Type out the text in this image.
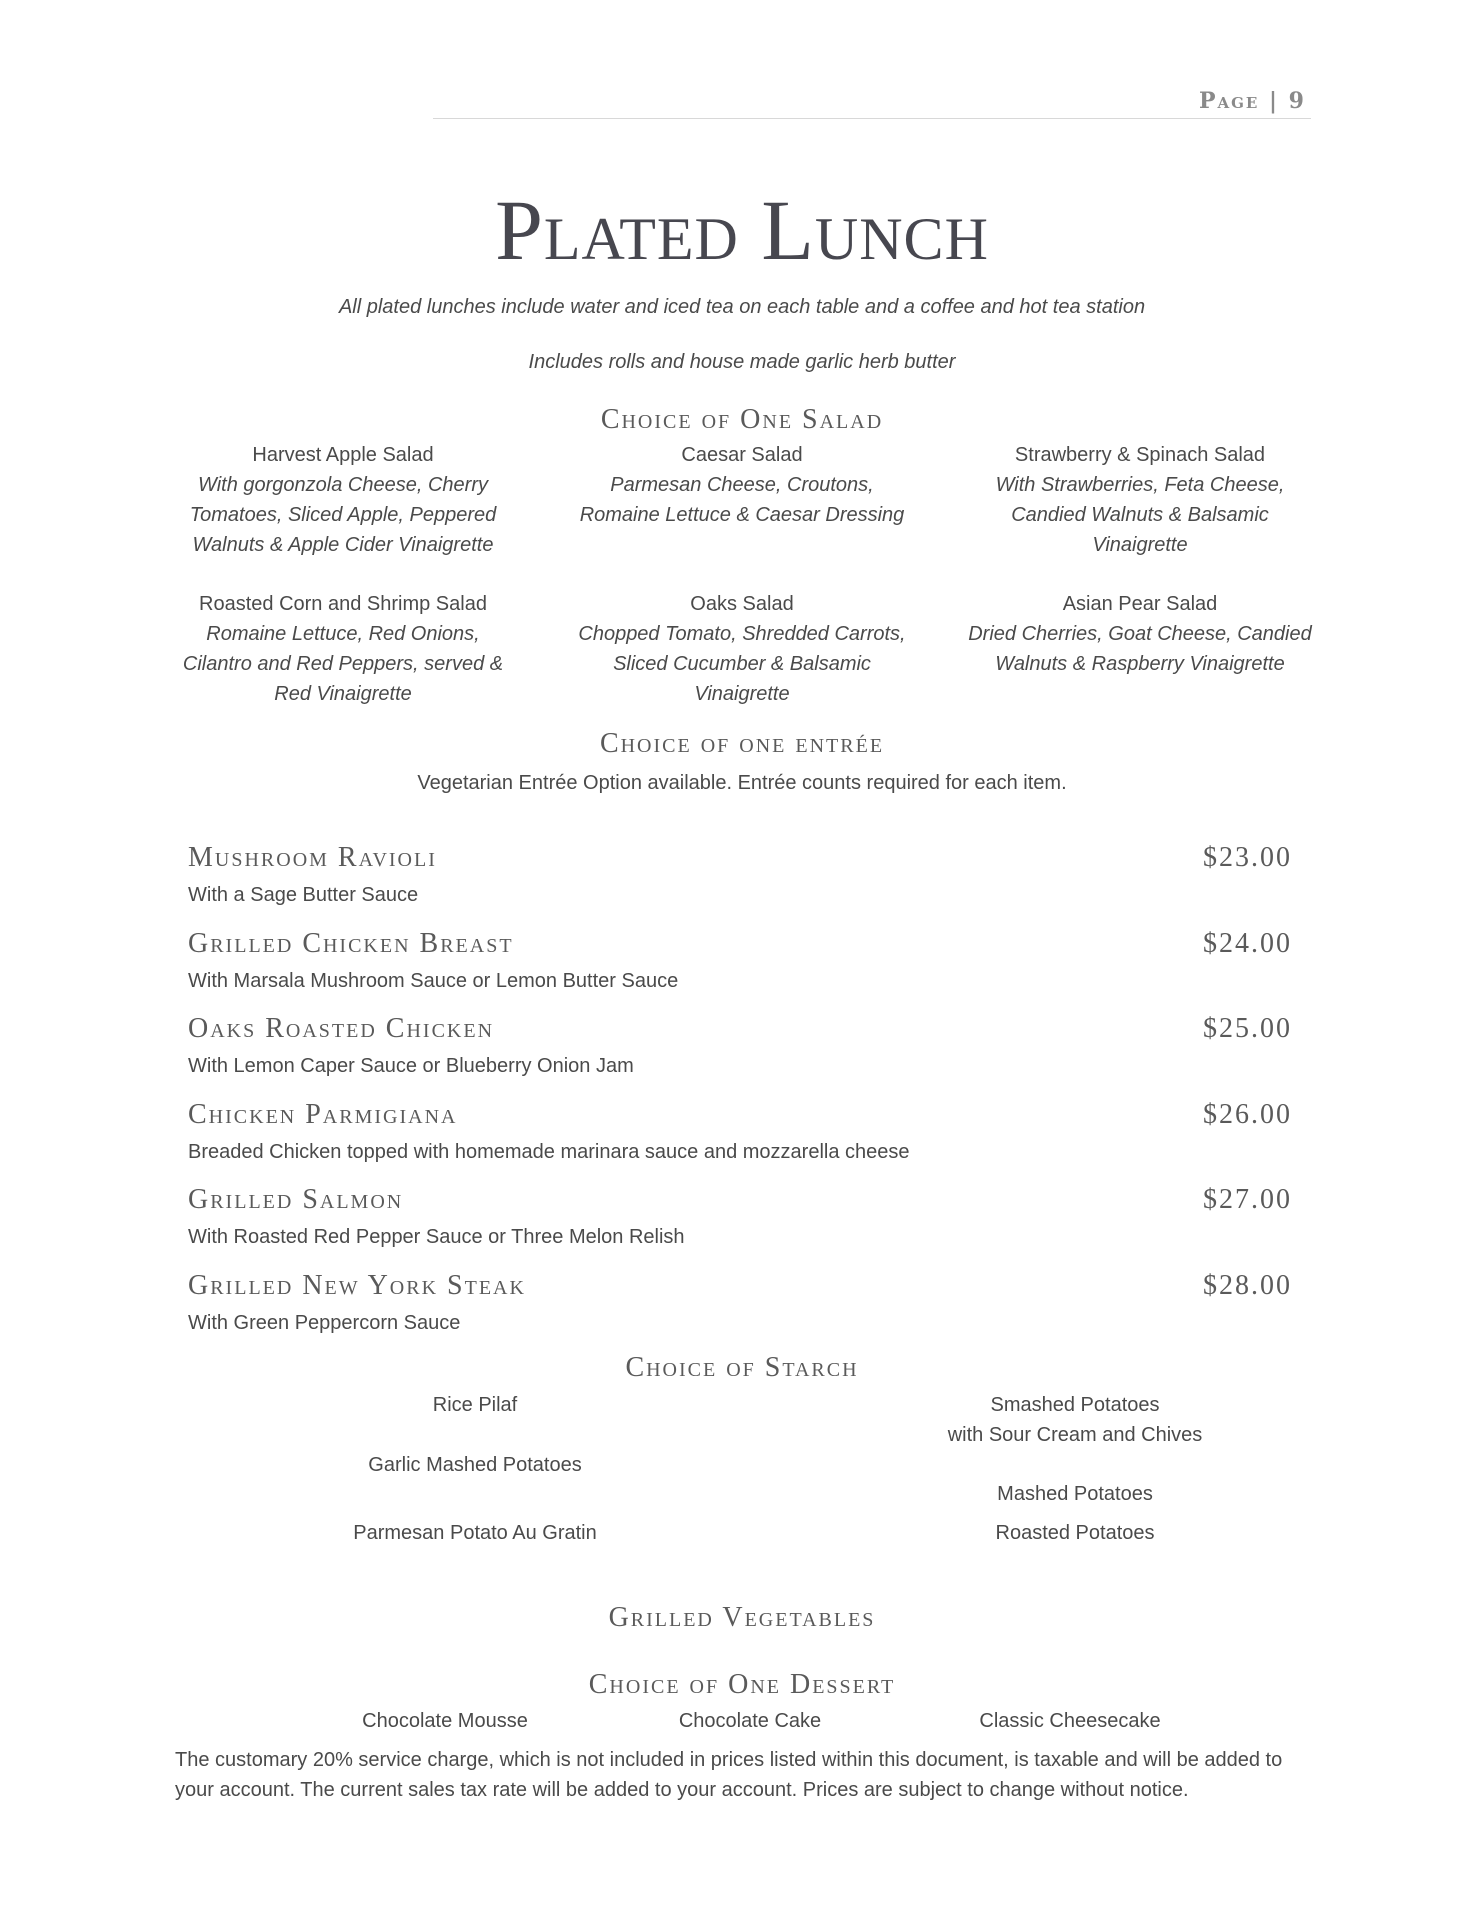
Page | 9
Plated Lunch
All plated lunches include water and iced tea on each table and a coffee and hot tea station
Includes rolls and house made garlic herb butter
Choice of One Salad
Harvest Apple Salad
With gorgonzola Cheese, Cherry
Tomatoes, Sliced Apple, Peppered
Walnuts & Apple Cider Vinaigrette
Caesar Salad
Parmesan Cheese, Croutons,
Romaine Lettuce & Caesar Dressing
Strawberry & Spinach Salad
With Strawberries, Feta Cheese,
Candied Walnuts & Balsamic
Vinaigrette
Roasted Corn and Shrimp Salad
Romaine Lettuce, Red Onions,
Cilantro and Red Peppers, served &
Red Vinaigrette
Oaks Salad
Chopped Tomato, Shredded Carrots,
Sliced Cucumber & Balsamic
Vinaigrette
Asian Pear Salad
Dried Cherries, Goat Cheese, Candied
Walnuts & Raspberry Vinaigrette
Choice of one entrée
Vegetarian Entrée Option available. Entrée counts required for each item.
Mushroom Ravioli	$23.00
With a Sage Butter Sauce
Grilled Chicken Breast	$24.00
With Marsala Mushroom Sauce or Lemon Butter Sauce
Oaks Roasted Chicken	$25.00
With Lemon Caper Sauce or Blueberry Onion Jam
Chicken Parmigiana	$26.00
Breaded Chicken topped with homemade marinara sauce and mozzarella cheese
Grilled Salmon	$27.00
With Roasted Red Pepper Sauce or Three Melon Relish
Grilled New York Steak	$28.00
With Green Peppercorn Sauce
Choice of Starch
Rice Pilaf
Garlic Mashed Potatoes
Parmesan Potato Au Gratin
Smashed Potatoes
with Sour Cream and Chives
Mashed Potatoes
Roasted Potatoes
Grilled Vegetables
Choice of One Dessert
Chocolate Mousse	Chocolate Cake	Classic Cheesecake
The customary 20% service charge, which is not included in prices listed within this document, is taxable and will be added to your account. The current sales tax rate will be added to your account. Prices are subject to change without notice.
